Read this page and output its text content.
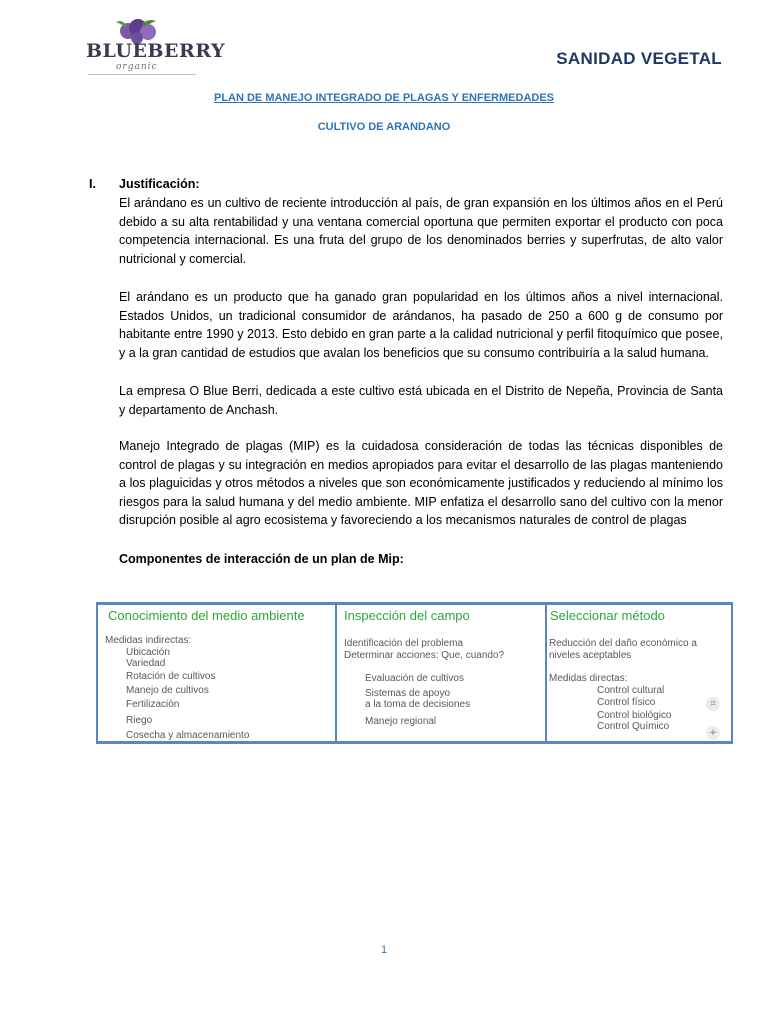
BLUEBERRY
organic	SANIDAD VEGETAL
PLAN DE MANEJO INTEGRADO DE PLAGAS Y ENFERMEDADES
CULTIVO DE ARANDANO
I. Justificación:
El arándano es un cultivo de reciente introducción al país, de gran expansión en los últimos años en el Perú debido a su alta rentabilidad y una ventana comercial oportuna que permiten exportar el producto con poca competencia internacional. Es una fruta del grupo de los denominados berries y superfrutas, de alto valor nutricional y comercial.
El arándano es un producto que ha ganado gran popularidad en los últimos años a nivel internacional. Estados Unidos, un tradicional consumidor de arándanos, ha pasado de 250 a 600 g de consumo por habitante entre 1990 y 2013. Esto debido en gran parte a la calidad nutricional y perfil fitoquímico que posee, y a la gran cantidad de estudios que avalan los beneficios que su consumo contribuiría a la salud humana.
La empresa O Blue Berri, dedicada a este cultivo está ubicada en el Distrito de Nepeña, Provincia de Santa y departamento de Anchash.
Manejo Integrado de plagas (MIP) es la cuidadosa consideración de todas las técnicas disponibles de control de plagas y su integración en medios apropiados para evitar el desarrollo de las plagas manteniendo a los plaguicidas y otros métodos a niveles que son económicamente justificados y reduciendo al mínimo los riesgos para la salud humana y del medio ambiente. MIP enfatiza el desarrollo sano del cultivo con la menor disrupción posible al agro ecosistema y favoreciendo a los mecanismos naturales de control de plagas
Componentes de interacción de un plan de Mip:
Conocimiento del medio ambiente
Medidas indirectas:
Ubicación
Variedad
Rotación de cultivos
Manejo de cultivos
Fertilización
Riego
Cosecha y almacenamiento
Inspección del campo
Identificación del problema
Determinar acciones: Que, cuando?
Evaluación de cultivos
Sistemas de apoyo
a la toma de decisiones
Manejo regional
Seleccionar método
Reducción del daño económico a
niveles aceptables
Medidas directas:
Control cultural
Control físico
Control biológico
Control Químico
⌗
+
1
